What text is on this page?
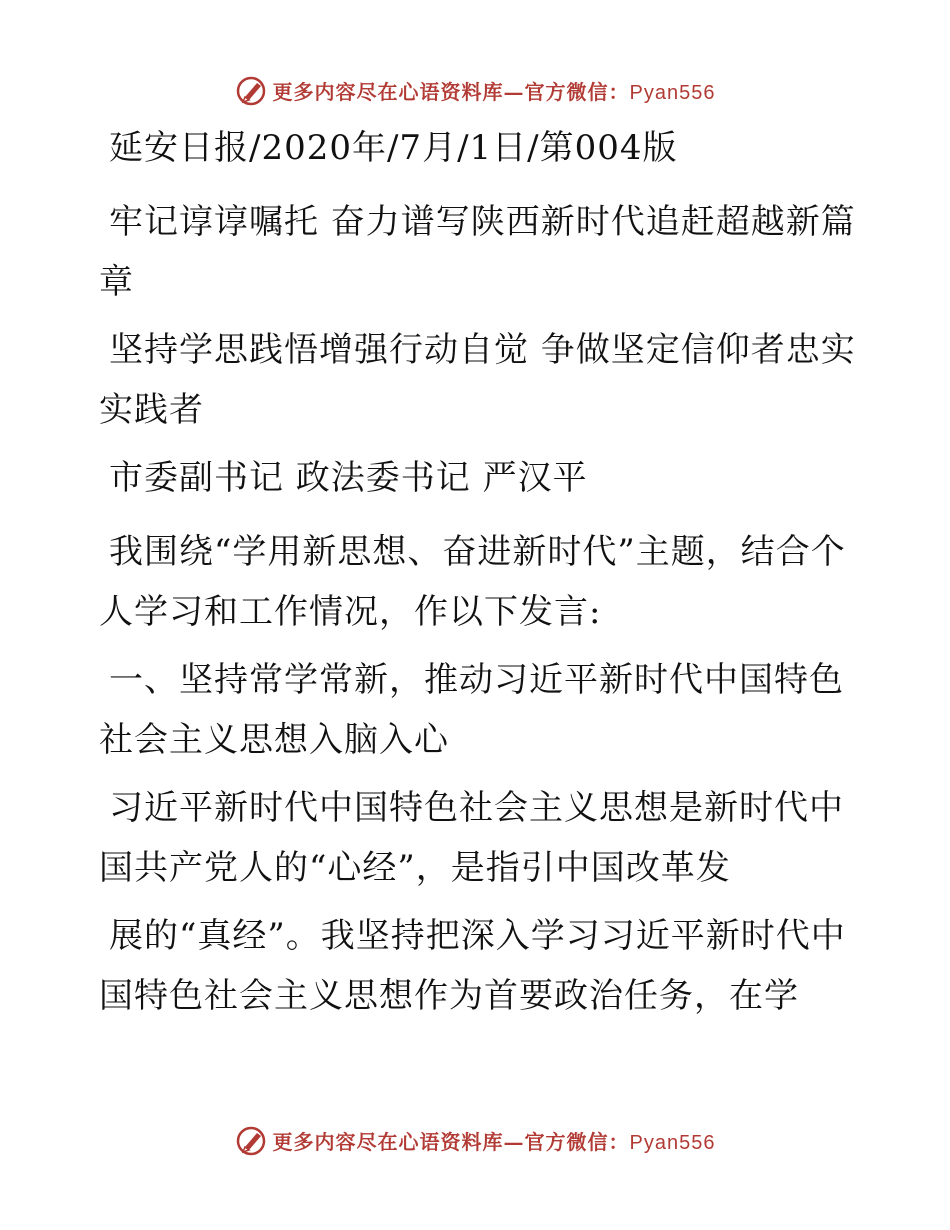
更多内容尽在心语资料库—官方微信：Pyan556

延安日报/2020年/7月/1日/第004版

牢记谆谆嘱托 奋力谱写陕西新时代追赶超越新篇章

坚持学思践悟增强行动自觉 争做坚定信仰者忠实实践者

市委副书记 政法委书记 严汉平

我围绕“学用新思想、奋进新时代”主题，结合个人学习和工作情况，作以下发言:

一、坚持常学常新，推动习近平新时代中国特色社会主义思想入脑入心

习近平新时代中国特色社会主义思想是新时代中国共产党人的“心经”，是指引中国改革发

展的“真经”。我坚持把深入学习习近平新时代中国特色社会主义思想作为首要政治任务，在学

更多内容尽在心语资料库—官方微信：Pyan556
